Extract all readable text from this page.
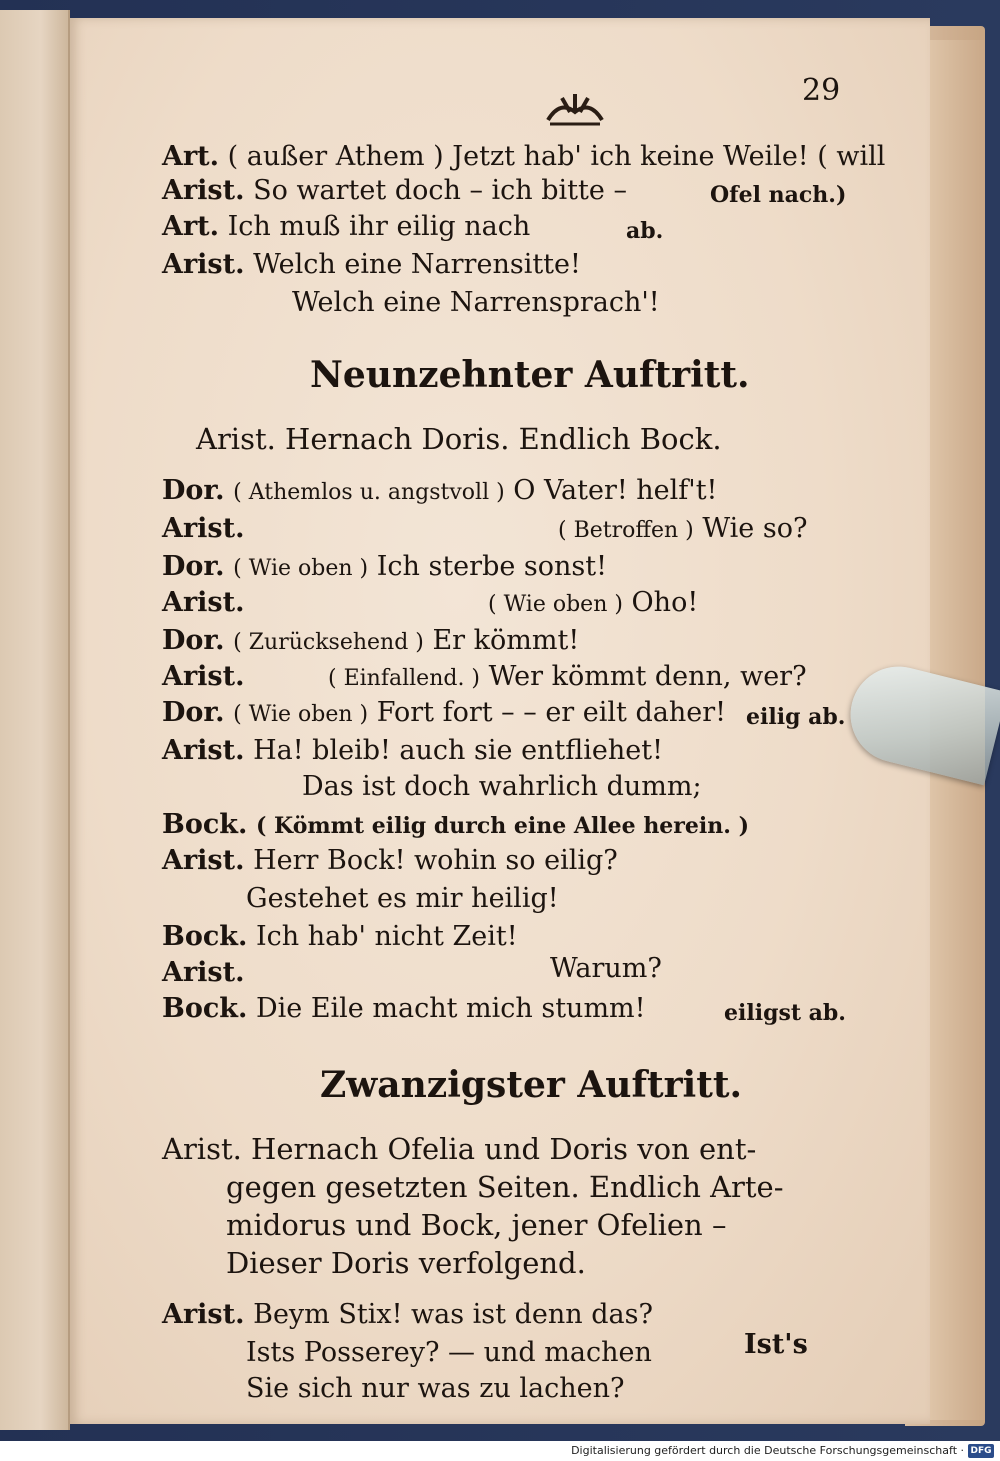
29
Art. ( außer Athem ) Jetzt hab' ich keine Weile! ( will
Arist. So wartet doch – ich bitte –	Ofel nach.)
Art. Ich muß ihr eilig nach	ab.
Arist. Welch eine Narrensitte!
Welch eine Narrensprach'!
Neunzehnter Auftritt.
Arist. Hernach Doris. Endlich Bock.
Dor. ( Athemlos u. angstvoll ) O Vater! helf't!
Arist.	( Betroffen ) Wie so?
Dor. ( Wie oben ) Ich sterbe sonst!
Arist.	( Wie oben ) Oho!
Dor. ( Zurücksehend ) Er kömmt!
Arist.	( Einfallend. ) Wer kömmt denn, wer?
Dor. ( Wie oben ) Fort fort – – er eilt daher! eilig ab.
Arist. Ha! bleib! auch sie entfliehet!
Das ist doch wahrlich dumm;
Bock. ( Kömmt eilig durch eine Allee herein. )
Arist. Herr Bock! wohin so eilig?
Gestehet es mir heilig!
Bock. Ich hab' nicht Zeit!
Arist.	Warum?
Bock. Die Eile macht mich stumm!	eiligst ab.
Zwanzigster Auftritt.
Arist. Hernach Ofelia und Doris von ent-
gegen gesetzten Seiten. Endlich Arte-
midorus und Bock, jener Ofelien –
Dieser Doris verfolgend.
Arist. Beym Stix! was ist denn das?
Ists Posserey? — und machen
Sie sich nur was zu lachen?
Ist's
Digitalisierung gefördert durch die Deutsche Forschungsgemeinschaft · DFG
